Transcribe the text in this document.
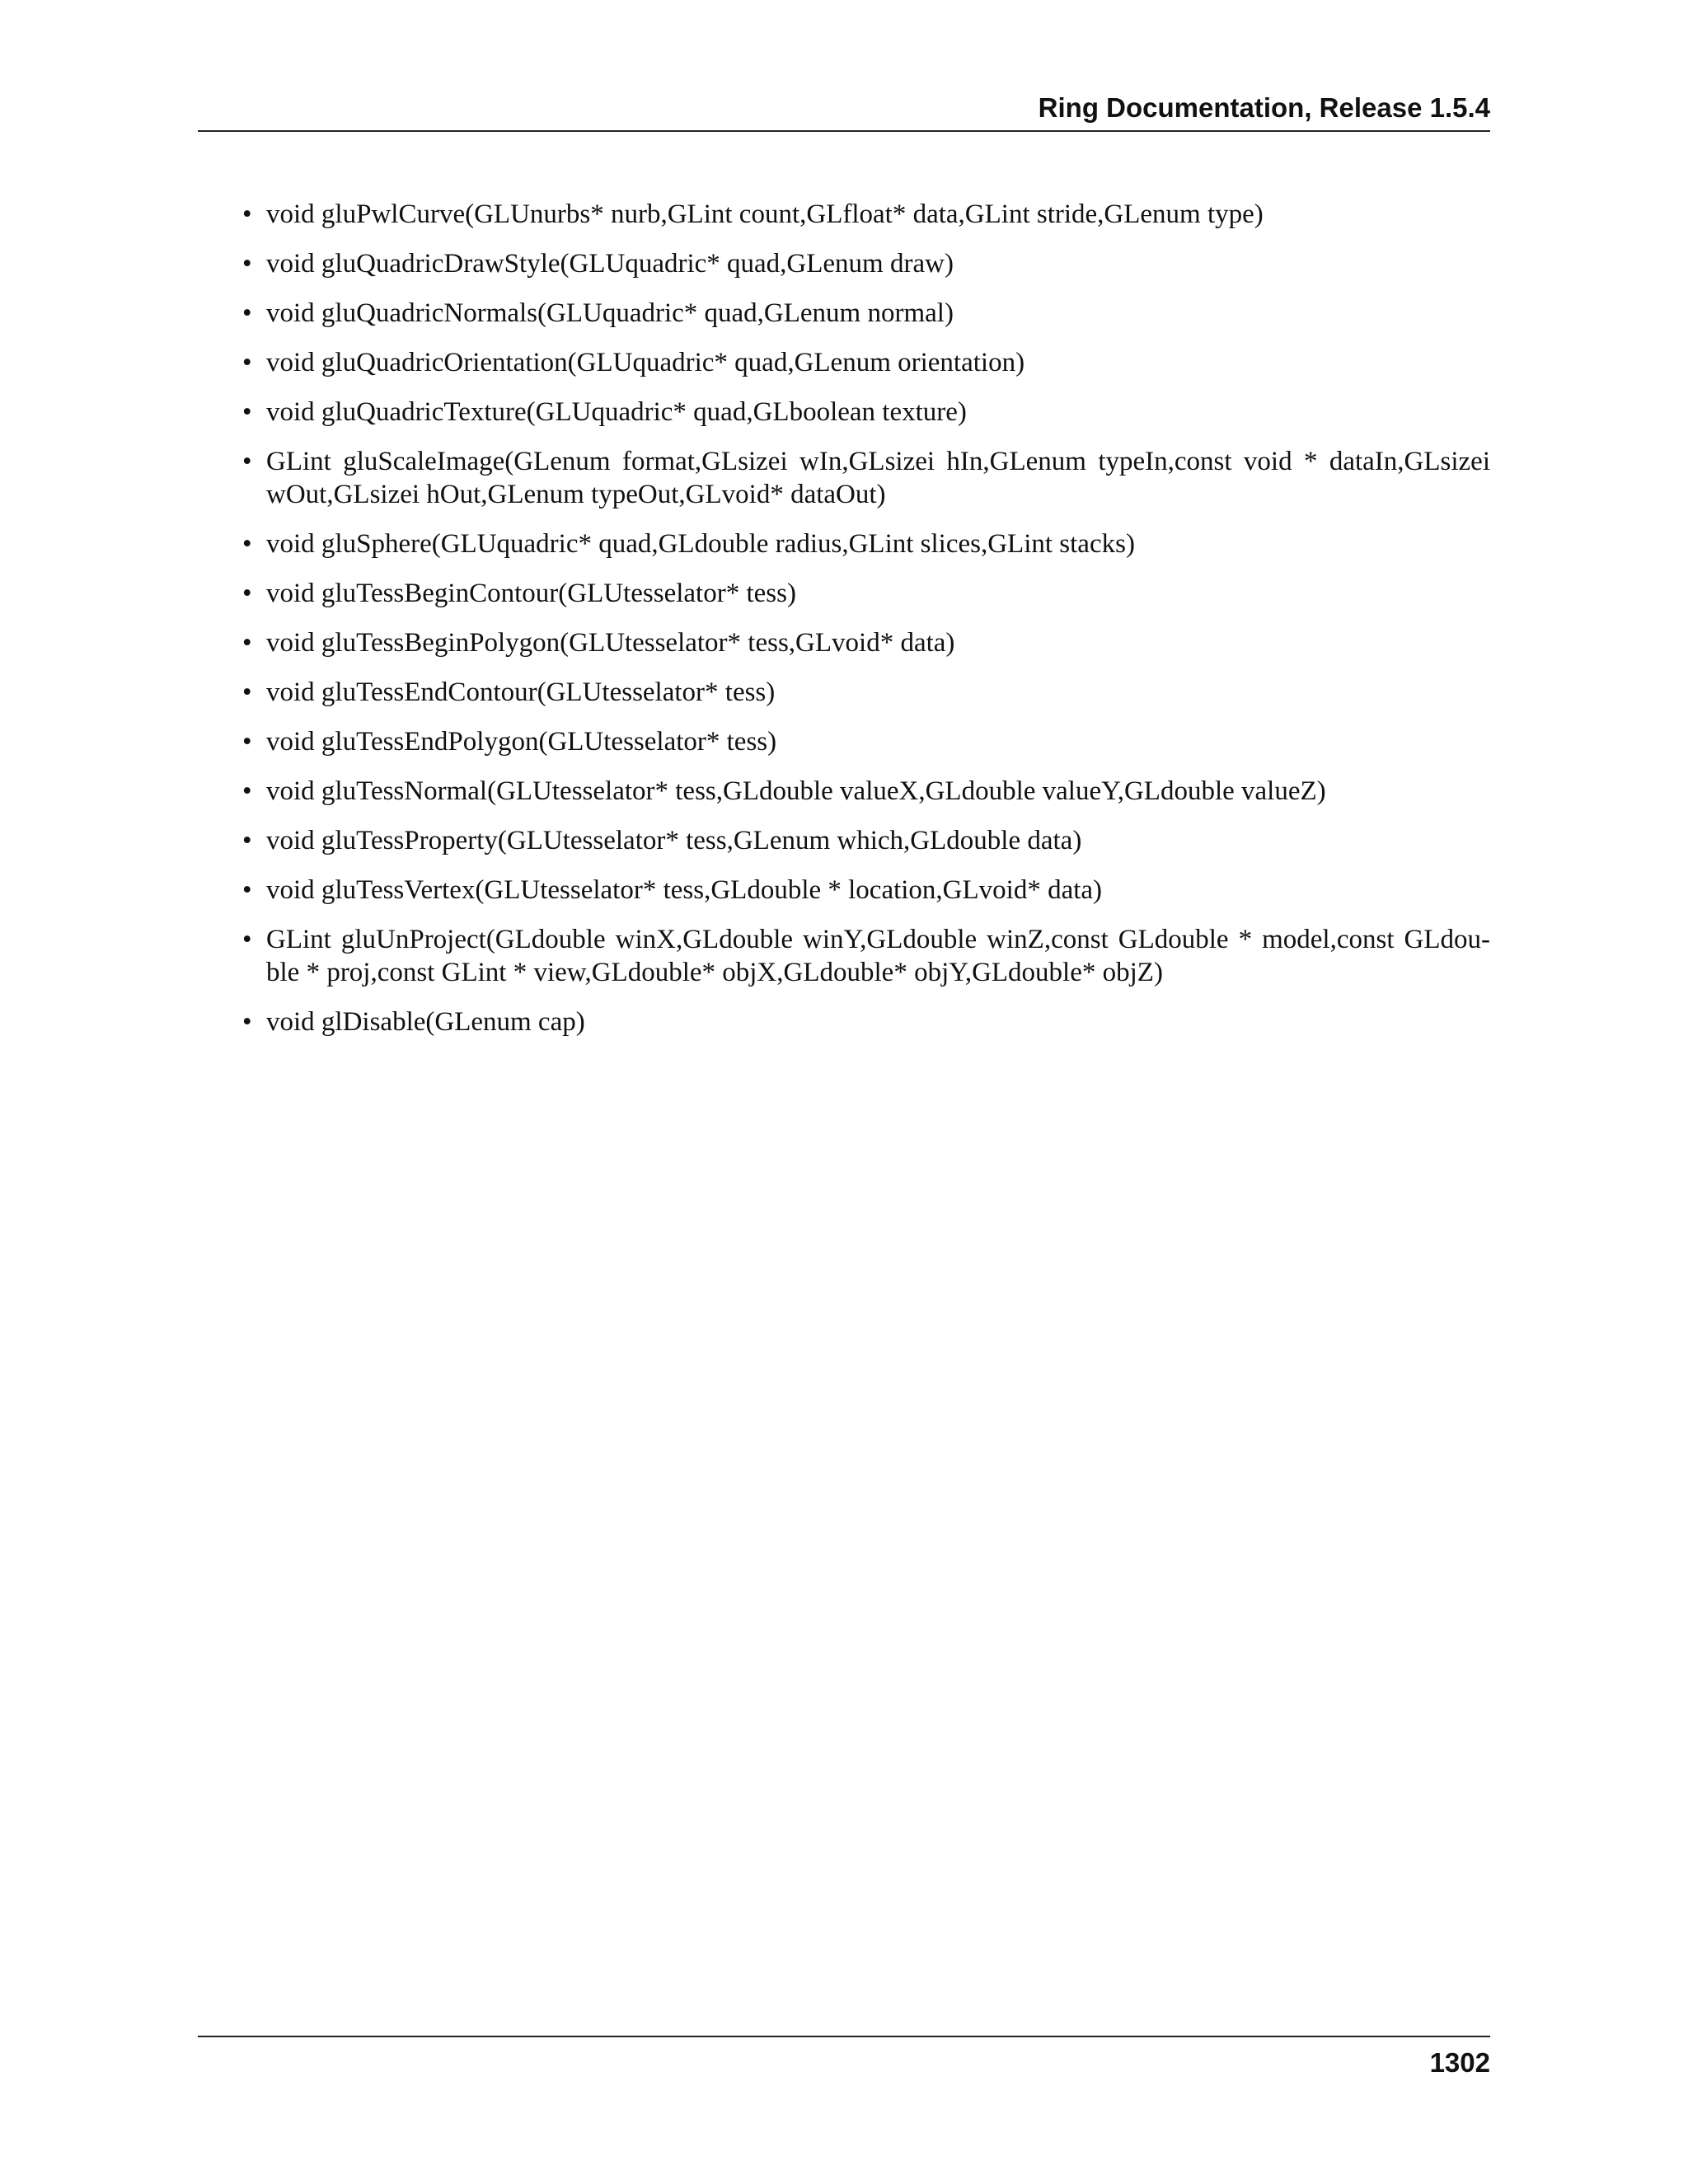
Ring Documentation, Release 1.5.4
• void gluPwlCurve(GLUnurbs* nurb,GLint count,GLfloat* data,GLint stride,GLenum type)
• void gluQuadricDrawStyle(GLUquadric* quad,GLenum draw)
• void gluQuadricNormals(GLUquadric* quad,GLenum normal)
• void gluQuadricOrientation(GLUquadric* quad,GLenum orientation)
• void gluQuadricTexture(GLUquadric* quad,GLboolean texture)
• GLint gluScaleImage(GLenum format,GLsizei wIn,GLsizei hIn,GLenum typeIn,const void * dataIn,GLsizei wOut,GLsizei hOut,GLenum typeOut,GLvoid* dataOut)
• void gluSphere(GLUquadric* quad,GLdouble radius,GLint slices,GLint stacks)
• void gluTessBeginContour(GLUtesselator* tess)
• void gluTessBeginPolygon(GLUtesselator* tess,GLvoid* data)
• void gluTessEndContour(GLUtesselator* tess)
• void gluTessEndPolygon(GLUtesselator* tess)
• void gluTessNormal(GLUtesselator* tess,GLdouble valueX,GLdouble valueY,GLdouble valueZ)
• void gluTessProperty(GLUtesselator* tess,GLenum which,GLdouble data)
• void gluTessVertex(GLUtesselator* tess,GLdouble * location,GLvoid* data)
• GLint gluUnProject(GLdouble winX,GLdouble winY,GLdouble winZ,const GLdouble * model,const GLdou- ble * proj,const GLint * view,GLdouble* objX,GLdouble* objY,GLdouble* objZ)
• void glDisable(GLenum cap)
1302
